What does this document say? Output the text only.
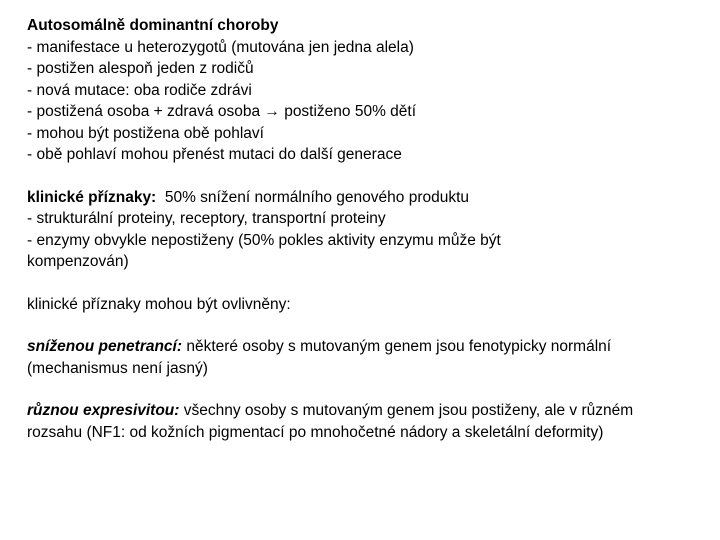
Autosomálně dominantní choroby
- manifestace u heterozygotů (mutována jen jedna alela)
- postižen alespoň jeden z rodičů
- nová mutace: oba rodiče zdrávi
- postižená osoba + zdravá osoba → postiženo 50% dětí
- mohou být postižena obě pohlaví
- obě pohlaví mohou přenést mutaci do další generace
klinické příznaky:  50% snížení normálního genového produktu
- strukturální proteiny, receptory, transportní proteiny
- enzymy obvykle nepostiženy (50% pokles aktivity enzymu může být kompenzován)
klinické příznaky mohou být ovlivněny:
sníženou penetrancí: některé osoby s mutovaným genem jsou fenotypicky normální (mechanismus není jasný)
různou expresivitou: všechny osoby s mutovaným genem jsou postiženy, ale v různém rozsahu (NF1: od kožních pigmentací po mnohočetné nádory a skeletální deformity)
